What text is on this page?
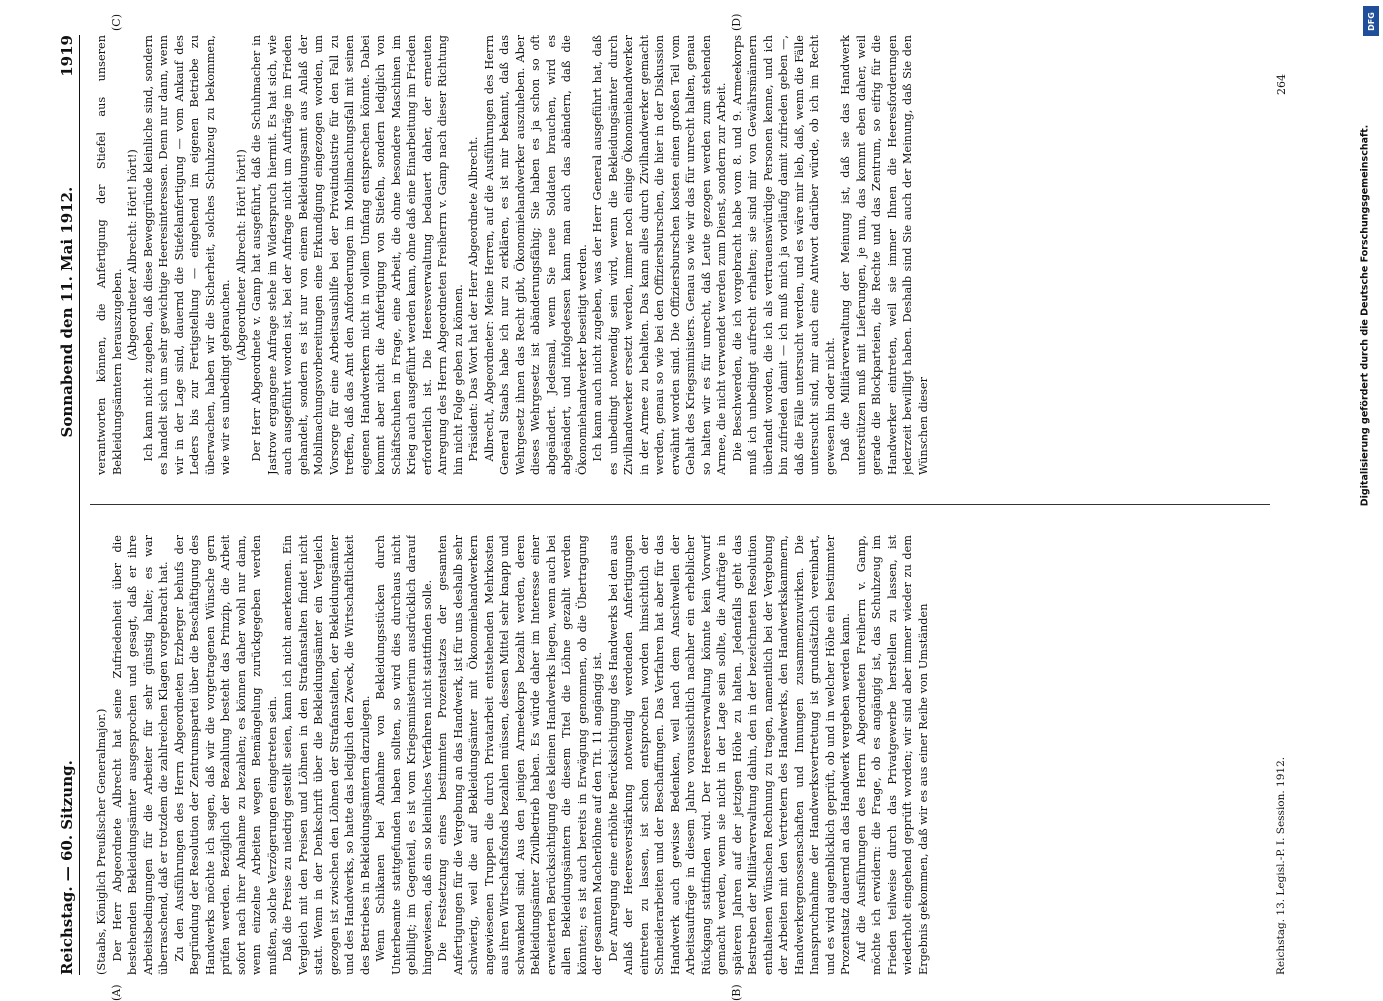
Reichstag. — 60. Sitzung.
Sonnabend den 11. Mai 1912.
1919

(Staabs, Königlich Preußischer Generalmajor.) Der Herr Abgeordnete Albrecht hat seine Zufriedenheit über die bestehenden Bekleidungsämter ausgesprochen und gesagt, daß er ihre Arbeitsbedingungen für die Arbeiter für sehr günstig halte; es war überraschend, daß er trotzdem die zahlreichen Klagen vorgebracht hat. Zu den Ausführungen des Herrn Abgeordneten Erzberger behufs der Begründung der Resolution der Zentrumspartei über die Beschäftigung des Handwerks möchte ich sagen, daß wir die vorgetragenen Wünsche gern prüfen werden. Bezüglich der Bezahlung besteht das Prinzip, die Arbeit sofort nach ihrer Abnahme zu bezahlen; es können daher wohl nur dann, wenn einzelne Arbeiten wegen Bemängelung zurückgegeben werden mußten, solche Verzögerungen eingetreten sein. Daß die Preise zu niedrig gestellt seien, kann ich nicht anerkennen. Ein Vergleich mit den Preisen und Löhnen in den Strafanstalten findet nicht statt. Wenn in der Denkschrift über die Bekleidungsämter ein Vergleich gezogen ist zwischen den Löhnen der Strafanstalten, der Bekleidungsämter und des Handwerks, so hatte das lediglich den Zweck, die Wirtschaftlichkeit des Betriebes in Bekleidungsämtern darzulegen. Wenn Schikanen bei Abnahme von Bekleidungsstücken durch Unterbeamte stattgefunden haben sollten, so wird dies durchaus nicht gebilligt; im Gegenteil, es ist vom Kriegsministerium ausdrücklich darauf hingewiesen, daß ein so kleinliches Verfahren nicht stattfinden solle. Die Festsetzung eines bestimmten Prozentsatzes der gesamten Anfertigungen für die Vergebung an das Handwerk, ist für uns deshalb sehr schwierig, weil die auf Bekleidungsämter mit Ökonomiehandwerkern angewiesenen Truppen die durch Privatarbeit entstehenden Mehrkosten aus ihren Wirtschaftsfonds bezahlen müssen, dessen Mittel sehr knapp und schwankend sind. Aus den jenigen Armeekorps bezahlt werden, deren Bekleidungsämter Zivilbetrieb haben. Es würde daher im Interesse einer erweiterten Berücksichtigung des kleinen Handwerks liegen, wenn auch bei allen Bekleidungsämtern die diesem Titel die Löhne gezahlt werden könnten; es ist auch bereits in Erwägung genommen, ob die Übertragung der gesamten Macherlöhne auf den Tit. 11 angängig ist. Der Anregung eine erhöhte Berücksichtigung des Handwerks bei den aus Anlaß der Heeresverstärkung notwendig werdenden Anfertigungen eintreten zu lassen, ist schon entsprochen worden hinsichtlich der Schneiderarbeiten und der Beschaffungen. Das Verfahren hat aber für das Handwerk auch gewisse Bedenken, weil nach dem Anschwellen der Arbeitsaufträge in diesem Jahre voraussichtlich nachher ein erheblicher Rückgang stattfinden wird. Der Heeresverwaltung könnte kein Vorwurf gemacht werden, wenn sie nicht in der Lage sein sollte, die Aufträge in späteren Jahren auf der jetzigen Höhe zu halten. Jedenfalls geht das Bestreben der Militärverwaltung dahin, den in der bezeichneten Resolution enthaltenen Wünschen Rechnung zu tragen, namentlich bei der Vergebung der Arbeiten mit den Vertretern des Handwerks, den Handwerkskammern, Handwerkergenossenschaften und Innungen zusammenzuwirken. Die Inanspruchnahme der Handwerksvertretung ist grundsätzlich vereinbart, und es wird augenblicklich geprüft, ob und in welcher Höhe ein bestimmter Prozentsatz dauernd an das Handwerk vergeben werden kann. Auf die Ausführungen des Herrn Abgeordneten Freiherrn v. Gamp, möchte ich erwidern: die Frage, ob es angängig ist, das Schuhzeug im Frieden teilweise durch das Privatgewerbe herstellen zu lassen, ist wiederholt eingehend geprüft worden; wir sind aber immer wieder zu dem Ergebnis gekommen, daß wir es aus einer Reihe von Umständen

verantworten können, die Anfertigung der Stiefel aus unseren Bekleidungsämtern herauszugeben.

(Abgeordneter Albrecht: Hört! hört!) Ich kann nicht zugeben, daß diese Beweggründe kleinliche sind, sondern es handelt sich um sehr gewichtige Heeresinteressen. Denn nur dann, wenn wir in der Lage sind, dauernd die Stiefelanfertigung — vom Ankauf des Leders bis zur Fertigstellung — eingehend im eigenen Betriebe zu überwachen, haben wir die Sicherheit, solches Schuhzeug zu bekommen, wie wir es unbedingt gebrauchen.

(Abgeordneter Albrecht: Hört! hört!) Der Herr Abgeordnete v. Gamp hat ausgeführt, daß die Schuhmacher in Jastrow ergangene Anfrage stehe im Widerspruch hiermit. Es hat sich, wie auch ausgeführt worden ist, bei der Anfrage nicht um Aufträge im Frieden gehandelt, sondern es ist nur von einem Bekleidungsamt aus Anlaß der Mobilmachungsvorbereitungen eine Erkundigung eingezogen worden, um Vorsorge für eine Arbeitsaushilfe bei der Privatindustrie für den Fall zu treffen, daß das Amt den Anforderungen im Mobilmachungsfall mit seinen eigenen Handwerkern nicht in vollem Umfang entsprechen könnte. Dabei kommt aber nicht die Anfertigung von Stiefeln, sondern lediglich von Schäftschuhen in Frage, eine Arbeit, die ohne besondere Maschinen im Krieg auch ausgeführt werden kann, ohne daß eine Einarbeitung im Frieden erforderlich ist. Die Heeresverwaltung bedauert daher, der erneuten Anregung des Herrn Abgeordneten Freiherrn v. Gamp nach dieser Richtung hin nicht Folge geben zu können. Präsident: Das Wort hat der Herr Abgeordnete Albrecht. Albrecht, Abgeordneter: Meine Herren, auf die Ausführungen des Herrn General Staabs habe ich nur zu erklären, es ist mir bekannt, daß das Wehrgesetz ihnen das Recht gibt, Ökonomiehandwerker auszuheben. Aber dieses Wehrgesetz ist abänderungsfähig; Sie haben es ja schon so oft abgeändert. Jedesmal, wenn Sie neue Soldaten brauchen, wird es abgeändert, und infolgedessen kann man auch das abändern, daß die Ökonomiehandwerker beseitigt werden. Ich kann auch nicht zugeben, was der Herr General ausgeführt hat, daß es unbedingt notwendig sein wird, wenn die Bekleidungsämter durch Zivilhandwerker ersetzt werden, immer noch einige Ökonomiehandwerker in der Armee zu behalten. Das kann alles durch Zivilhandwerker gemacht werden, genau so wie bei den Offiziersburschen, die hier in der Diskussion erwähnt worden sind. Die Offiziersburschen kosten einen großen Teil vom Gehalt des Kriegsministers. Genau so wie wir das für unrecht halten, genau so halten wir es für unrecht, daß Leute gezogen werden zum stehenden Armee, die nicht verwendet werden zum Dienst, sondern zur Arbeit. Die Beschwerden, die ich vorgebracht habe vom 8. und 9. Armeekorps muß ich unbedingt aufrecht erhalten; sie sind mir von Gewährsmännern überlandt worden, die ich als vertrauenswürdige Personen kenne, und ich bin zufrieden damit — ich muß mich ja vorläufig damit zufrieden geben —, daß die Fälle untersucht werden, und es wäre mir lieb, daß, wenn die Fälle untersucht sind, mir auch eine Antwort darüber würde, ob ich im Recht gewesen bin oder nicht. Daß die Militärverwaltung der Meinung ist, daß sie das Handwerk unterstützen muß mit Lieferungen, je nun, das kommt eben daher, weil gerade die Blockparteien, die Rechte und das Zentrum, so eifrig für die Handwerker eintreten, weil sie immer Ihnen die Heeresforderungen jederzeit bewilligt haben. Deshalb sind Sie auch der Meinung, daß Sie den Wünschen dieser

(A)	(B)
(C)	(D)
Reichstag. 13. Legisl.-P. I. Session. 1912.
264
DFG
Digitalisierung gefördert durch die Deutsche Forschungsgemeinschaft.
